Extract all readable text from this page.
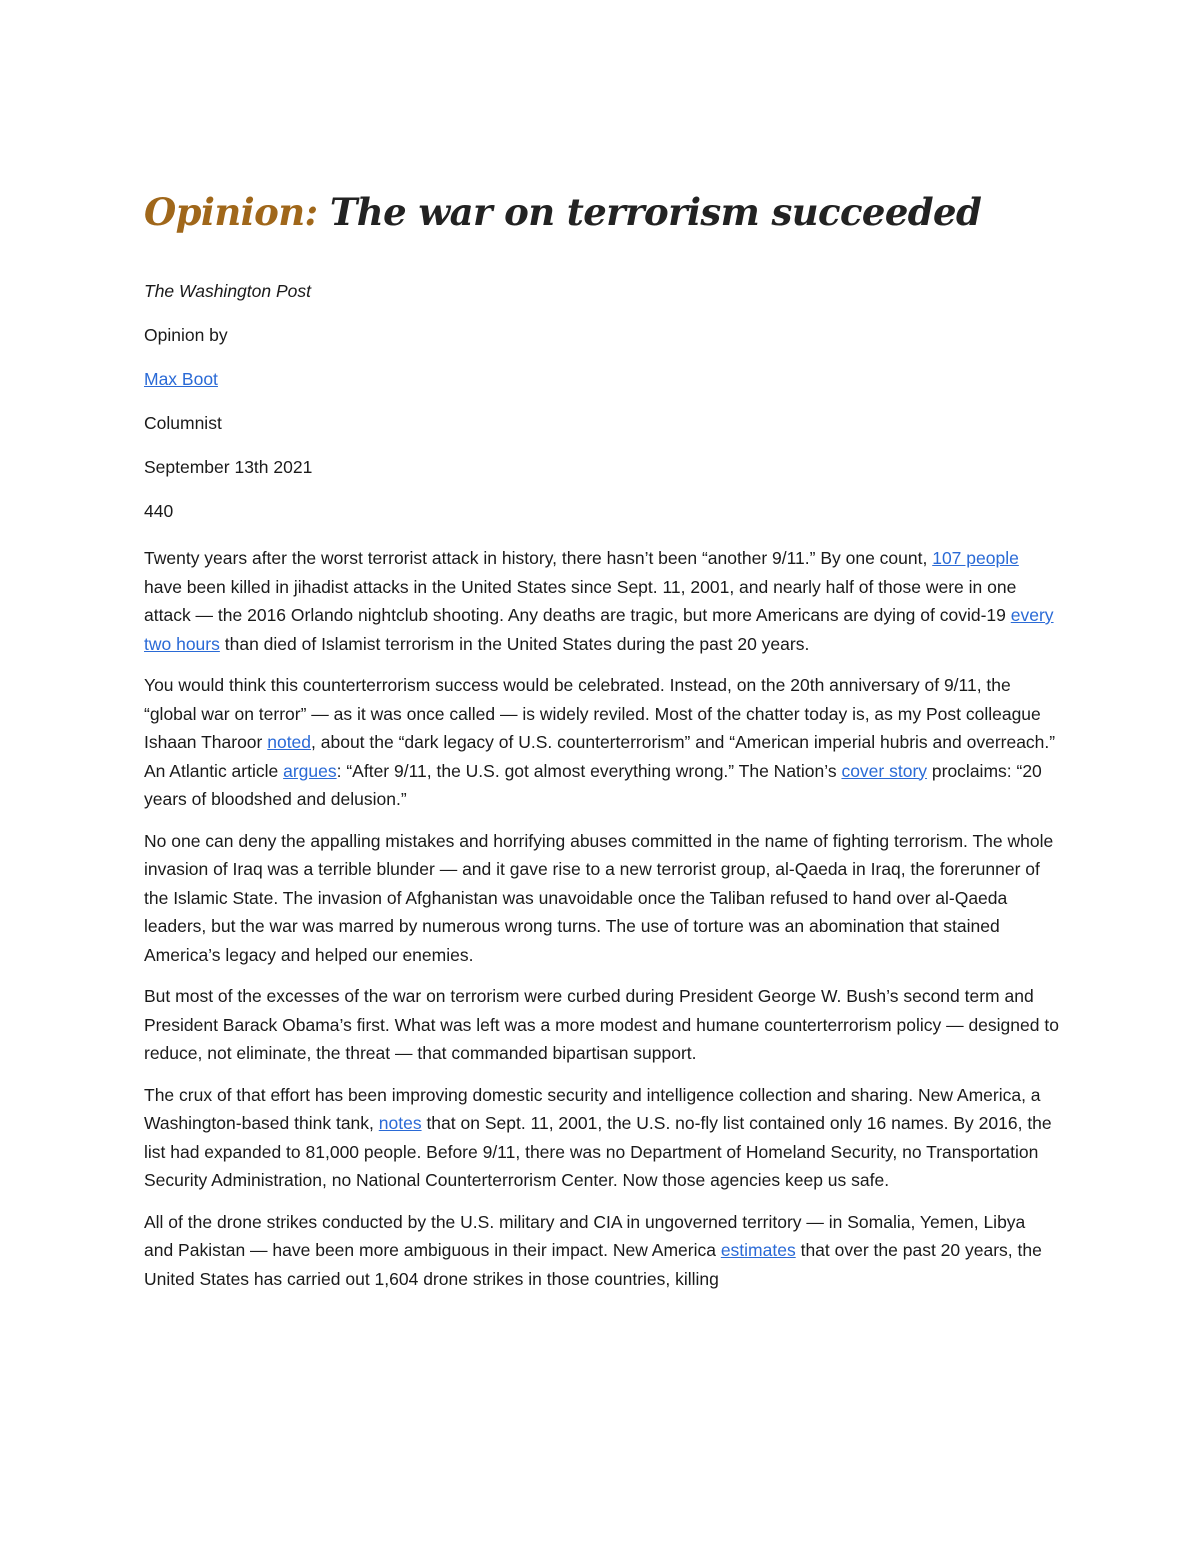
Opinion: The war on terrorism succeeded

The Washington Post

Opinion by

Max Boot

Columnist

September 13th 2021

440

Twenty years after the worst terrorist attack in history, there hasn’t been “another 9/11.” By one count, 107 people have been killed in jihadist attacks in the United States since Sept. 11, 2001, and nearly half of those were in one attack — the 2016 Orlando nightclub shooting. Any deaths are tragic, but more Americans are dying of covid-19 every two hours than died of Islamist terrorism in the United States during the past 20 years.

You would think this counterterrorism success would be celebrated. Instead, on the 20th anniversary of 9/11, the “global war on terror” — as it was once called — is widely reviled. Most of the chatter today is, as my Post colleague Ishaan Tharoor noted, about the “dark legacy of U.S. counterterrorism” and “American imperial hubris and overreach.” An Atlantic article argues: “After 9/11, the U.S. got almost everything wrong.” The Nation’s cover story proclaims: “20 years of bloodshed and delusion.”

No one can deny the appalling mistakes and horrifying abuses committed in the name of fighting terrorism. The whole invasion of Iraq was a terrible blunder — and it gave rise to a new terrorist group, al-Qaeda in Iraq, the forerunner of the Islamic State. The invasion of Afghanistan was unavoidable once the Taliban refused to hand over al-Qaeda leaders, but the war was marred by numerous wrong turns. The use of torture was an abomination that stained America’s legacy and helped our enemies.

But most of the excesses of the war on terrorism were curbed during President George W. Bush’s second term and President Barack Obama’s first. What was left was a more modest and humane counterterrorism policy — designed to reduce, not eliminate, the threat — that commanded bipartisan support.

The crux of that effort has been improving domestic security and intelligence collection and sharing. New America, a Washington-based think tank, notes that on Sept. 11, 2001, the U.S. no-fly list contained only 16 names. By 2016, the list had expanded to 81,000 people. Before 9/11, there was no Department of Homeland Security, no Transportation Security Administration, no National Counterterrorism Center. Now those agencies keep us safe.

All of the drone strikes conducted by the U.S. military and CIA in ungoverned territory — in Somalia, Yemen, Libya and Pakistan — have been more ambiguous in their impact. New America estimates that over the past 20 years, the United States has carried out 1,604 drone strikes in those countries, killing
